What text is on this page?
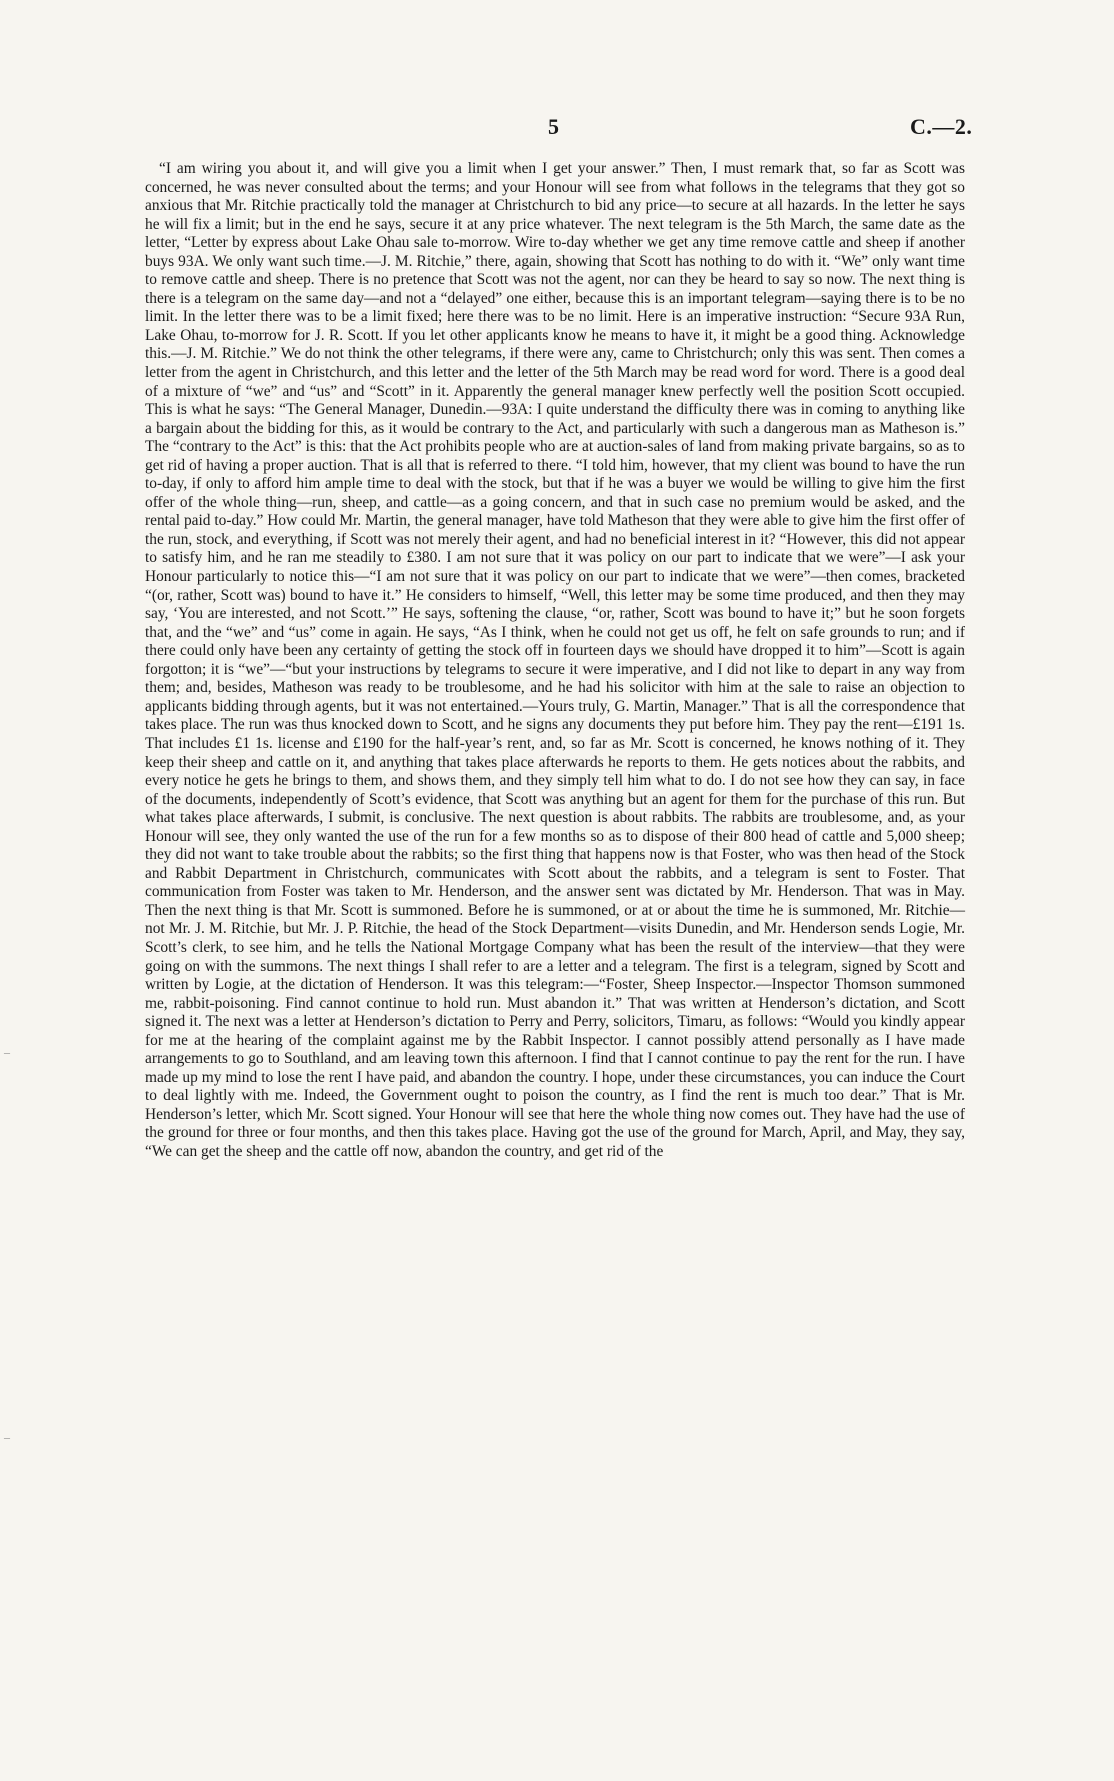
5	C.—2.

“I am wiring you about it, and will give you a limit when I get your answer.” Then, I must remark that, so far as Scott was concerned, he was never consulted about the terms; and your Honour will see from what follows in the telegrams that they got so anxious that Mr. Ritchie practically told the manager at Christchurch to bid any price—to secure at all hazards. In the letter he says he will fix a limit; but in the end he says, secure it at any price whatever. The next telegram is the 5th March, the same date as the letter, “Letter by express about Lake Ohau sale to-morrow. Wire to-day whether we get any time remove cattle and sheep if another buys 93A. We only want such time.—J. M. Ritchie,” there, again, showing that Scott has nothing to do with it. “We” only want time to remove cattle and sheep. There is no pretence that Scott was not the agent, nor can they be heard to say so now. The next thing is there is a telegram on the same day—and not a “delayed” one either, because this is an important telegram—saying there is to be no limit. In the letter there was to be a limit fixed; here there was to be no limit. Here is an imperative instruction: “Secure 93A Run, Lake Ohau, to-morrow for J. R. Scott. If you let other applicants know he means to have it, it might be a good thing. Acknowledge this.—J. M. Ritchie.” We do not think the other telegrams, if there were any, came to Christchurch; only this was sent. Then comes a letter from the agent in Christchurch, and this letter and the letter of the 5th March may be read word for word. There is a good deal of a mixture of “we” and “us” and “Scott” in it. Apparently the general manager knew perfectly well the position Scott occupied. This is what he says: “The General Manager, Dunedin.—93A: I quite understand the difficulty there was in coming to anything like a bargain about the bidding for this, as it would be contrary to the Act, and particularly with such a dangerous man as Matheson is.” The “contrary to the Act” is this: that the Act prohibits people who are at auction-sales of land from making private bargains, so as to get rid of having a proper auction. That is all that is referred to there. “I told him, however, that my client was bound to have the run to-day, if only to afford him ample time to deal with the stock, but that if he was a buyer we would be willing to give him the first offer of the whole thing—run, sheep, and cattle—as a going concern, and that in such case no premium would be asked, and the rental paid to-day.” How could Mr. Martin, the general manager, have told Matheson that they were able to give him the first offer of the run, stock, and everything, if Scott was not merely their agent, and had no beneficial interest in it? “However, this did not appear to satisfy him, and he ran me steadily to £380. I am not sure that it was policy on our part to indicate that we were”—I ask your Honour particularly to notice this—“I am not sure that it was policy on our part to indicate that we were”—then comes, bracketed “(or, rather, Scott was) bound to have it.” He considers to himself, “Well, this letter may be some time produced, and then they may say, ‘You are interested, and not Scott.’” He says, softening the clause, “or, rather, Scott was bound to have it;” but he soon forgets that, and the “we” and “us” come in again. He says, “As I think, when he could not get us off, he felt on safe grounds to run; and if there could only have been any certainty of getting the stock off in fourteen days we should have dropped it to him”—Scott is again forgotton; it is “we”—“but your instructions by telegrams to secure it were imperative, and I did not like to depart in any way from them; and, besides, Matheson was ready to be troublesome, and he had his solicitor with him at the sale to raise an objection to applicants bidding through agents, but it was not entertained.—Yours truly, G. Martin, Manager.” That is all the correspondence that takes place. The run was thus knocked down to Scott, and he signs any documents they put before him. They pay the rent—£191 1s. That includes £1 1s. license and £190 for the half-year’s rent, and, so far as Mr. Scott is concerned, he knows nothing of it. They keep their sheep and cattle on it, and anything that takes place afterwards he reports to them. He gets notices about the rabbits, and every notice he gets he brings to them, and shows them, and they simply tell him what to do. I do not see how they can say, in face of the documents, independently of Scott’s evidence, that Scott was anything but an agent for them for the purchase of this run. But what takes place afterwards, I submit, is conclusive. The next question is about rabbits. The rabbits are troublesome, and, as your Honour will see, they only wanted the use of the run for a few months so as to dispose of their 800 head of cattle and 5,000 sheep; they did not want to take trouble about the rabbits; so the first thing that happens now is that Foster, who was then head of the Stock and Rabbit Department in Christchurch, communicates with Scott about the rabbits, and a telegram is sent to Foster. That communication from Foster was taken to Mr. Henderson, and the answer sent was dictated by Mr. Henderson. That was in May. Then the next thing is that Mr. Scott is summoned. Before he is summoned, or at or about the time he is summoned, Mr. Ritchie—not Mr. J. M. Ritchie, but Mr. J. P. Ritchie, the head of the Stock Department—visits Dunedin, and Mr. Henderson sends Logie, Mr. Scott’s clerk, to see him, and he tells the National Mortgage Company what has been the result of the interview—that they were going on with the summons. The next things I shall refer to are a letter and a telegram. The first is a telegram, signed by Scott and written by Logie, at the dictation of Henderson. It was this telegram:—“Foster, Sheep Inspector.—Inspector Thomson summoned me, rabbit-poisoning. Find cannot continue to hold run. Must abandon it.” That was written at Henderson’s dictation, and Scott signed it. The next was a letter at Henderson’s dictation to Perry and Perry, solicitors, Timaru, as follows: “Would you kindly appear for me at the hearing of the complaint against me by the Rabbit Inspector. I cannot possibly attend personally as I have made arrangements to go to Southland, and am leaving town this afternoon. I find that I cannot continue to pay the rent for the run. I have made up my mind to lose the rent I have paid, and abandon the country. I hope, under these circumstances, you can induce the Court to deal lightly with me. Indeed, the Government ought to poison the country, as I find the rent is much too dear.” That is Mr. Henderson’s letter, which Mr. Scott signed. Your Honour will see that here the whole thing now comes out. They have had the use of the ground for three or four months, and then this takes place. Having got the use of the ground for March, April, and May, they say, “We can get the sheep and the cattle off now, abandon the country, and get rid of the

–
–
